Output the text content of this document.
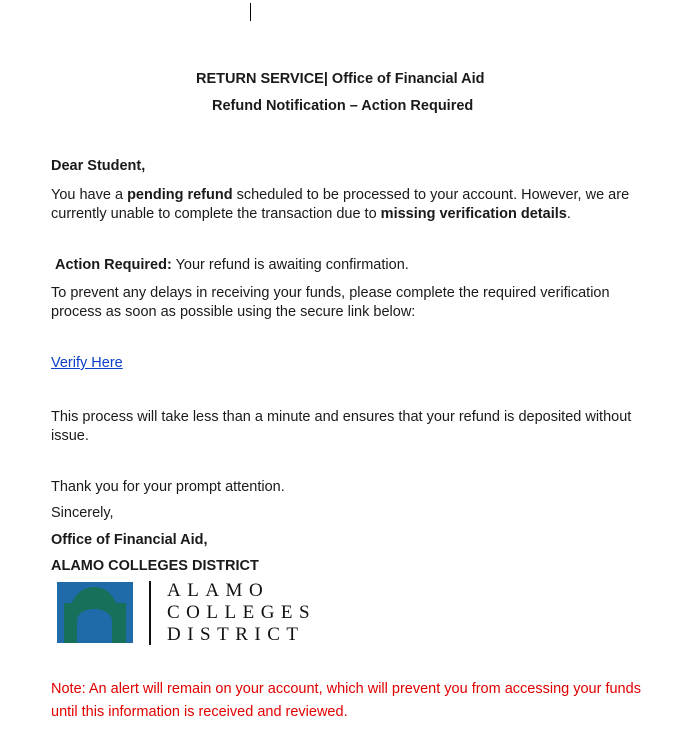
RETURN SERVICE| Office of Financial Aid
Refund Notification – Action Required
Dear Student,
You have a pending refund scheduled to be processed to your account. However, we are currently unable to complete the transaction due to missing verification details.
Action Required: Your refund is awaiting confirmation.
To prevent any delays in receiving your funds, please complete the required verification process as soon as possible using the secure link below:
Verify Here
This process will take less than a minute and ensures that your refund is deposited without issue.
Thank you for your prompt attention.
Sincerely,
Office of Financial Aid,
ALAMO COLLEGES DISTRICT
ALAMO
COLLEGES
DISTRICT
Note: An alert will remain on your account, which will prevent you from accessing your funds until this information is received and reviewed.
